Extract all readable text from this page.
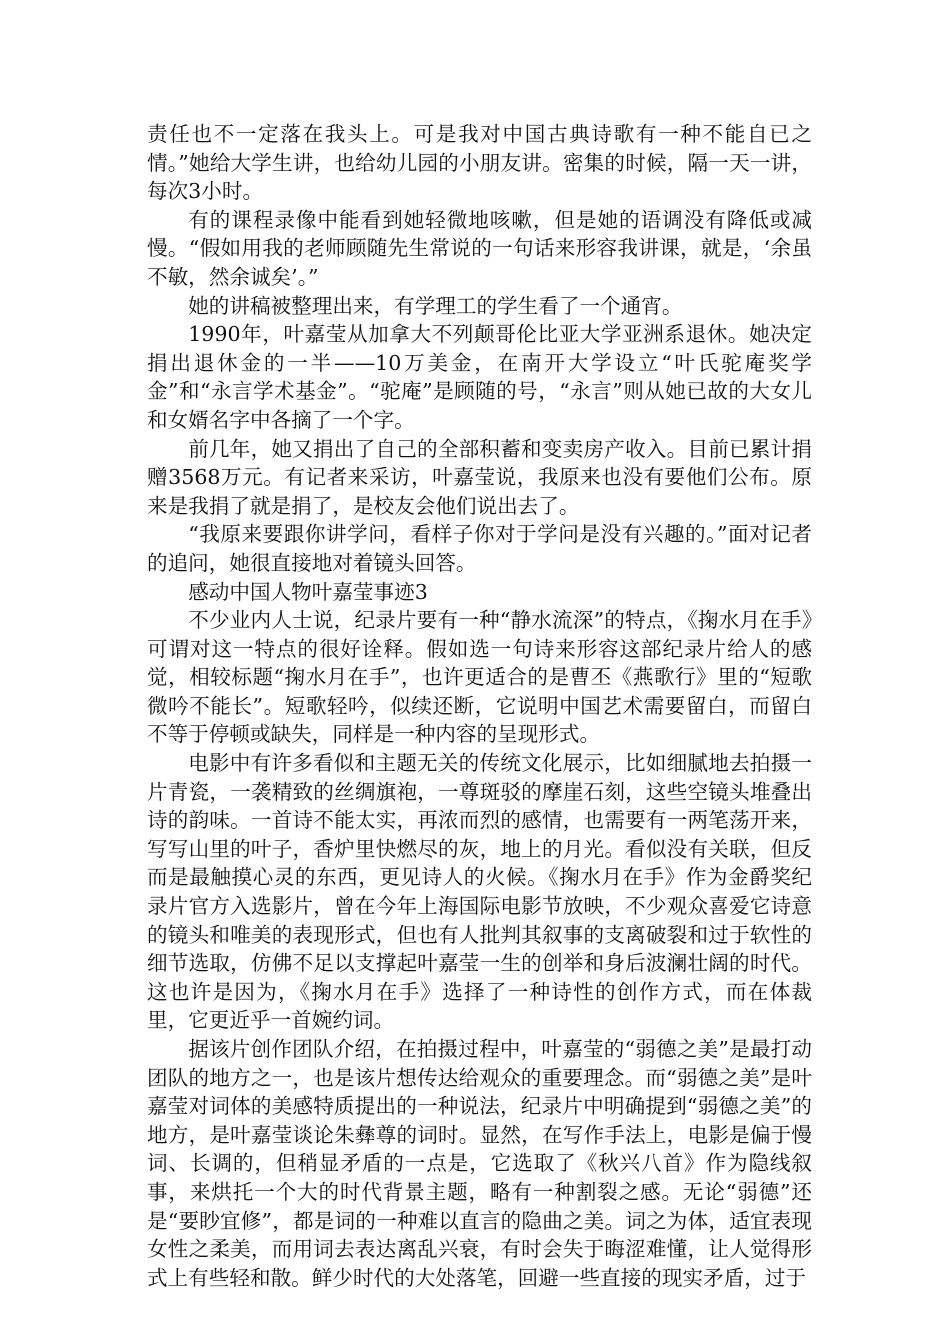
责任也不一定落在我头上。可是我对中国古典诗歌有一种不能自已之情。”她给大学生讲，也给幼儿园的小朋友讲。密集的时候，隔一天一讲，每次3小时。

有的课程录像中能看到她轻微地咳嗽，但是她的语调没有降低或减慢。“假如用我的老师顾随先生常说的一句话来形容我讲课，就是，‘余虽不敏，然余诚矣’。”

她的讲稿被整理出来，有学理工的学生看了一个通宵。

1990年，叶嘉莹从加拿大不列颠哥伦比亚大学亚洲系退休。她决定捐出退休金的一半——10万美金，在南开大学设立“叶氏驼庵奖学金”和“永言学术基金”。“驼庵”是顾随的号，“永言”则从她已故的大女儿和女婿名字中各摘了一个字。

前几年，她又捐出了自己的全部积蓄和变卖房产收入。目前已累计捐赠3568万元。有记者来采访，叶嘉莹说，我原来也没有要他们公布。原来是我捐了就是捐了，是校友会他们说出去了。

“我原来要跟你讲学问，看样子你对于学问是没有兴趣的。”面对记者的追问，她很直接地对着镜头回答。

感动中国人物叶嘉莹事迹3

不少业内人士说，纪录片要有一种“静水流深”的特点，《掬水月在手》可谓对这一特点的很好诠释。假如选一句诗来形容这部纪录片给人的感觉，相较标题“掬水月在手”，也许更适合的是曹丕《燕歌行》里的“短歌微吟不能长”。短歌轻吟，似续还断，它说明中国艺术需要留白，而留白不等于停顿或缺失，同样是一种内容的呈现形式。

电影中有许多看似和主题无关的传统文化展示，比如细腻地去拍摄一片青瓷，一袭精致的丝绸旗袍，一尊斑驳的摩崖石刻，这些空镜头堆叠出诗的韵味。一首诗不能太实，再浓而烈的感情，也需要有一两笔荡开来，写写山里的叶子，香炉里快燃尽的灰，地上的月光。看似没有关联，但反而是最触摸心灵的东西，更见诗人的火候。《掬水月在手》作为金爵奖纪录片官方入选影片，曾在今年上海国际电影节放映，不少观众喜爱它诗意的镜头和唯美的表现形式，但也有人批判其叙事的支离破裂和过于软性的细节选取，仿佛不足以支撑起叶嘉莹一生的创举和身后波澜壮阔的时代。这也许是因为，《掬水月在手》选择了一种诗性的创作方式，而在体裁里，它更近乎一首婉约词。

据该片创作团队介绍，在拍摄过程中，叶嘉莹的“弱德之美”是最打动团队的地方之一，也是该片想传达给观众的重要理念。而“弱德之美”是叶嘉莹对词体的美感特质提出的一种说法，纪录片中明确提到“弱德之美”的地方，是叶嘉莹谈论朱彝尊的词时。显然，在写作手法上，电影是偏于慢词、长调的，但稍显矛盾的一点是，它选取了《秋兴八首》作为隐线叙事，来烘托一个大的时代背景主题，略有一种割裂之感。无论“弱德”还是“要眇宜修”，都是词的一种难以直言的隐曲之美。词之为体，适宜表现女性之柔美，而用词去表达离乱兴衰，有时会失于晦涩难懂，让人觉得形式上有些轻和散。鲜少时代的大处落笔，回避一些直接的现实矛盾，过于
